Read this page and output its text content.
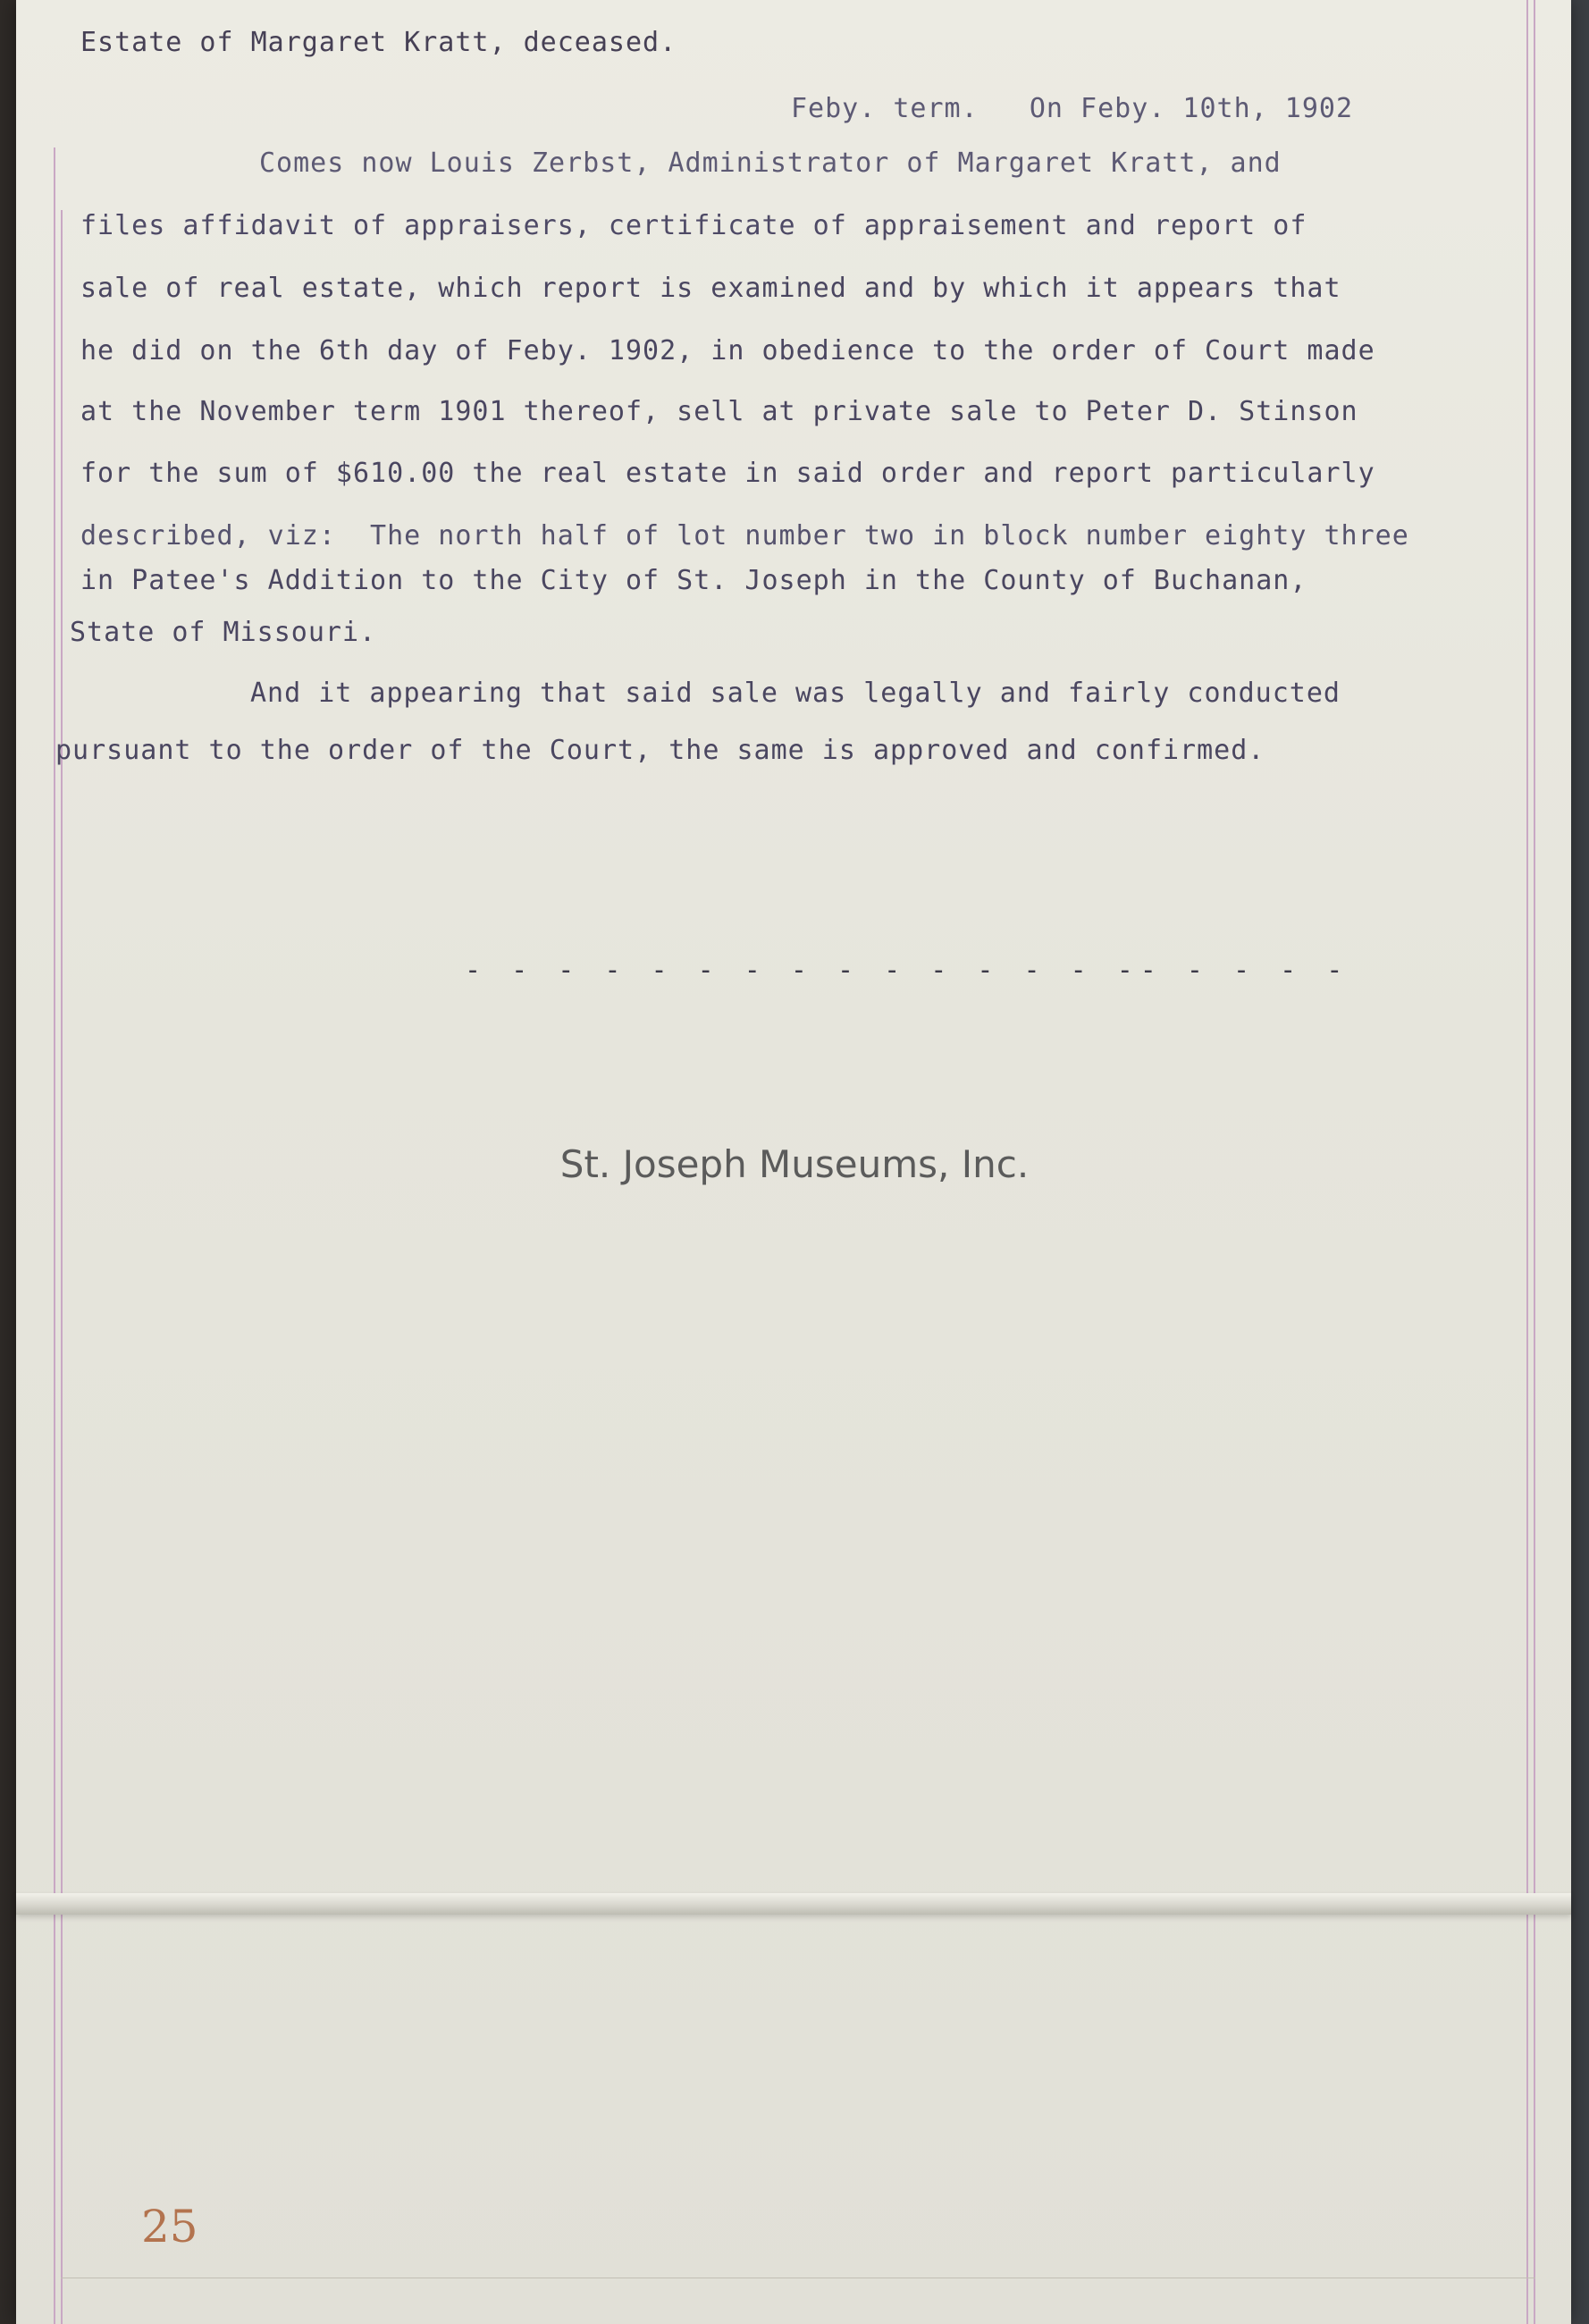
Estate of Margaret Kratt, deceased.

Feby. term.   On Feby. 10th, 1902

Comes now Louis Zerbst, Administrator of Margaret Kratt, and

files affidavit of appraisers, certificate of appraisement and report of

sale of real estate, which report is examined and by which it appears that

he did on the 6th day of Feby. 1902, in obedience to the order of Court made

at the November term 1901 thereof, sell at private sale to Peter D. Stinson

for the sum of $610.00 the real estate in said order and report particularly

described, viz:  The north half of lot number two in block number eighty three

in Patee's Addition to the City of St. Joseph in the County of Buchanan,

State of Missouri.

And it appearing that said sale was legally and fairly conducted

pursuant to the order of the Court, the same is approved and confirmed.

- - - - - - - - - - - - - - -- - - - -

St. Joseph Museums, Inc.

25
